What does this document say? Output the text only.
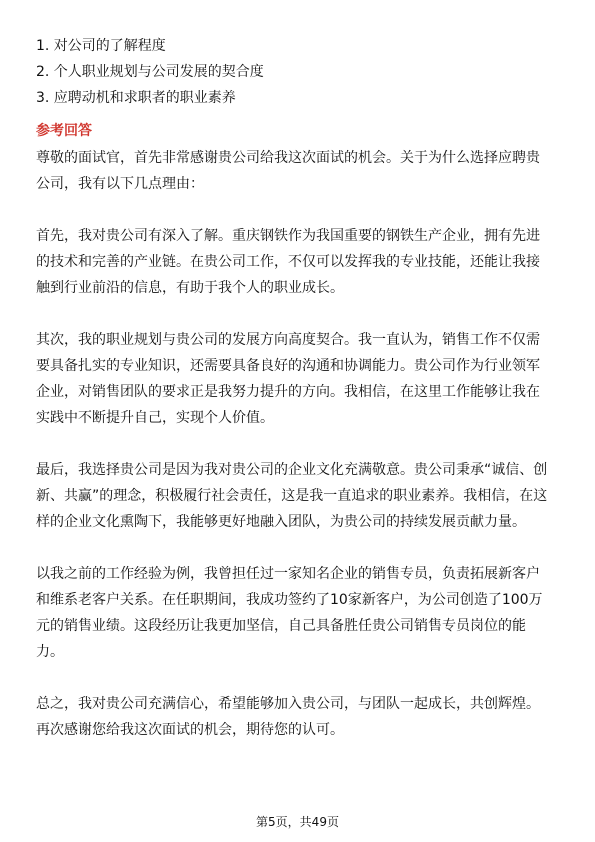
1. 对公司的了解程度
2. 个人职业规划与公司发展的契合度
3. 应聘动机和求职者的职业素养
参考回答
尊敬的面试官，首先非常感谢贵公司给我这次面试的机会。关于为什么选择应聘贵
公司，我有以下几点理由：
首先，我对贵公司有深入了解。重庆钢铁作为我国重要的钢铁生产企业，拥有先进
的技术和完善的产业链。在贵公司工作，不仅可以发挥我的专业技能，还能让我接
触到行业前沿的信息，有助于我个人的职业成长。
其次，我的职业规划与贵公司的发展方向高度契合。我一直认为，销售工作不仅需
要具备扎实的专业知识，还需要具备良好的沟通和协调能力。贵公司作为行业领军
企业，对销售团队的要求正是我努力提升的方向。我相信，在这里工作能够让我在
实践中不断提升自己，实现个人价值。
最后，我选择贵公司是因为我对贵公司的企业文化充满敬意。贵公司秉承“诚信、创
新、共赢”的理念，积极履行社会责任，这是我一直追求的职业素养。我相信，在这
样的企业文化熏陶下，我能够更好地融入团队，为贵公司的持续发展贡献力量。
以我之前的工作经验为例，我曾担任过一家知名企业的销售专员，负责拓展新客户
和维系老客户关系。在任职期间，我成功签约了10家新客户，为公司创造了100万
元的销售业绩。这段经历让我更加坚信，自己具备胜任贵公司销售专员岗位的能
力。
总之，我对贵公司充满信心，希望能够加入贵公司，与团队一起成长，共创辉煌。
再次感谢您给我这次面试的机会，期待您的认可。
第5页，共49页
